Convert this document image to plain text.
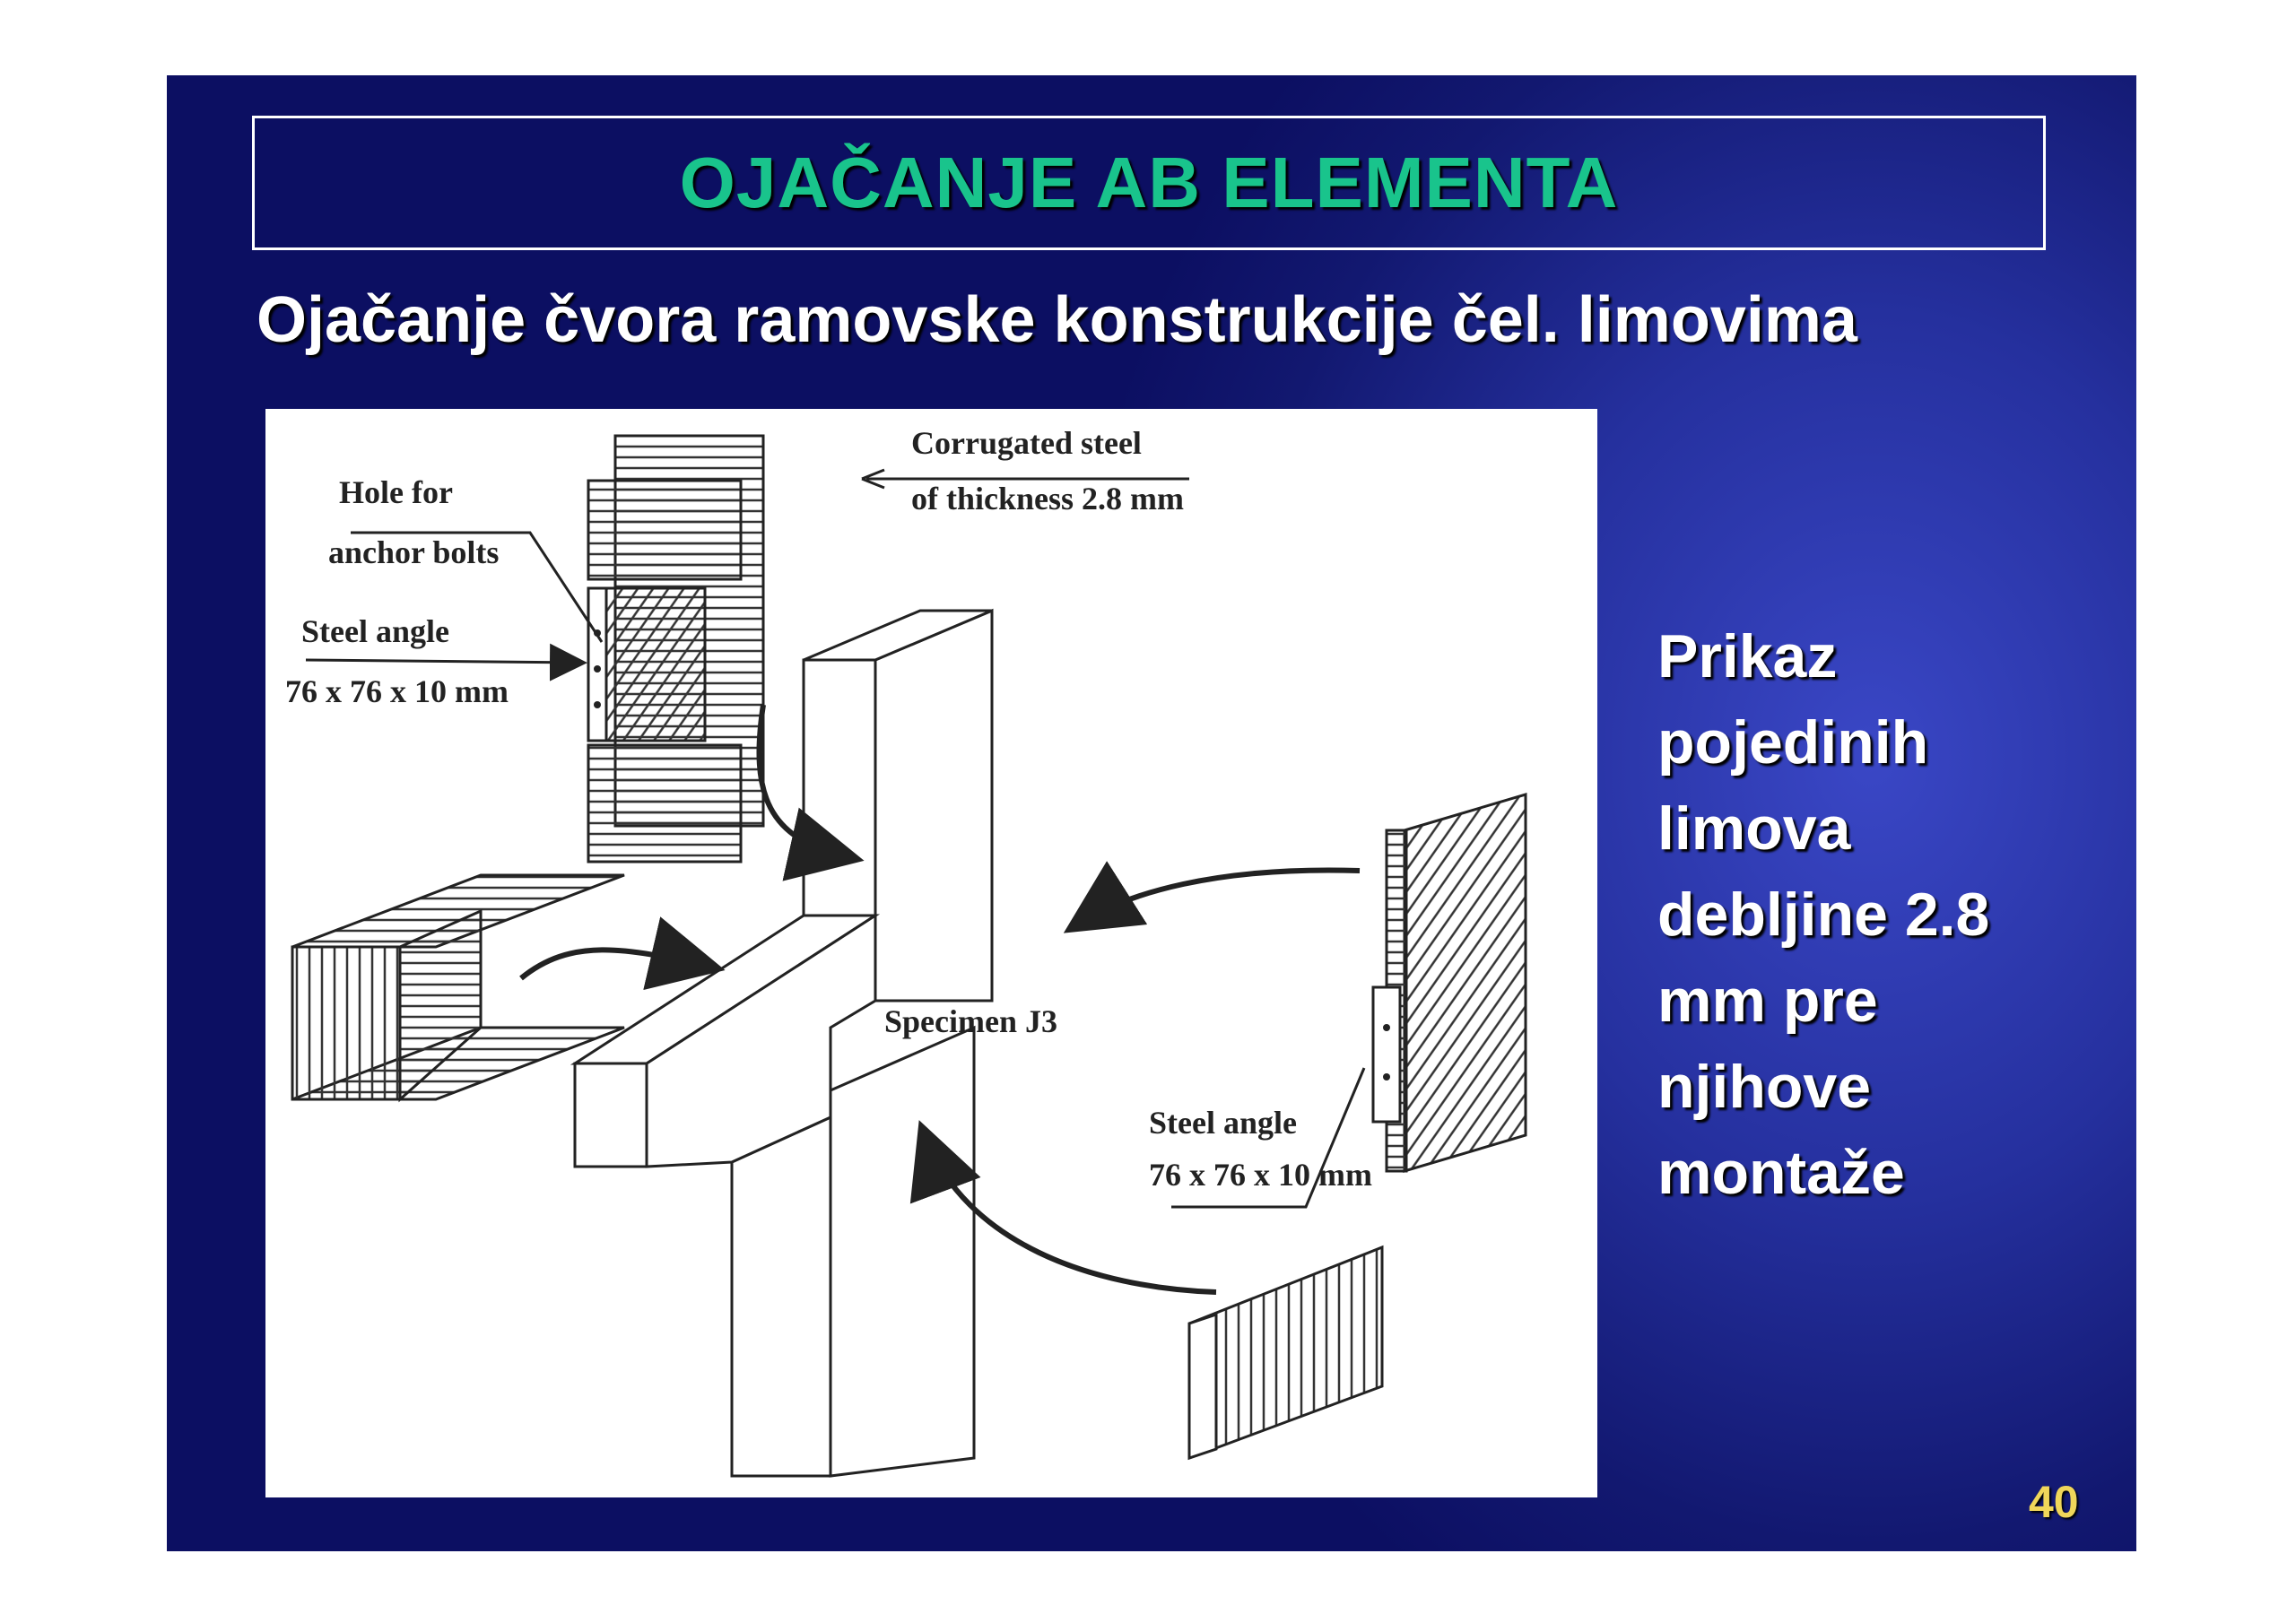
OJAČANJE AB ELEMENTA
Ojačanje čvora ramovske konstrukcije čel. limovima
Corrugated steel
of thickness 2.8 mm
Hole for
anchor bolts
Steel angle
76 x 76 x 10 mm
Specimen J3
Steel angle
76 x 76 x 10 mm
Prikaz
pojedinih
limova
debljine 2.8
mm pre
njihove
montaže
40
